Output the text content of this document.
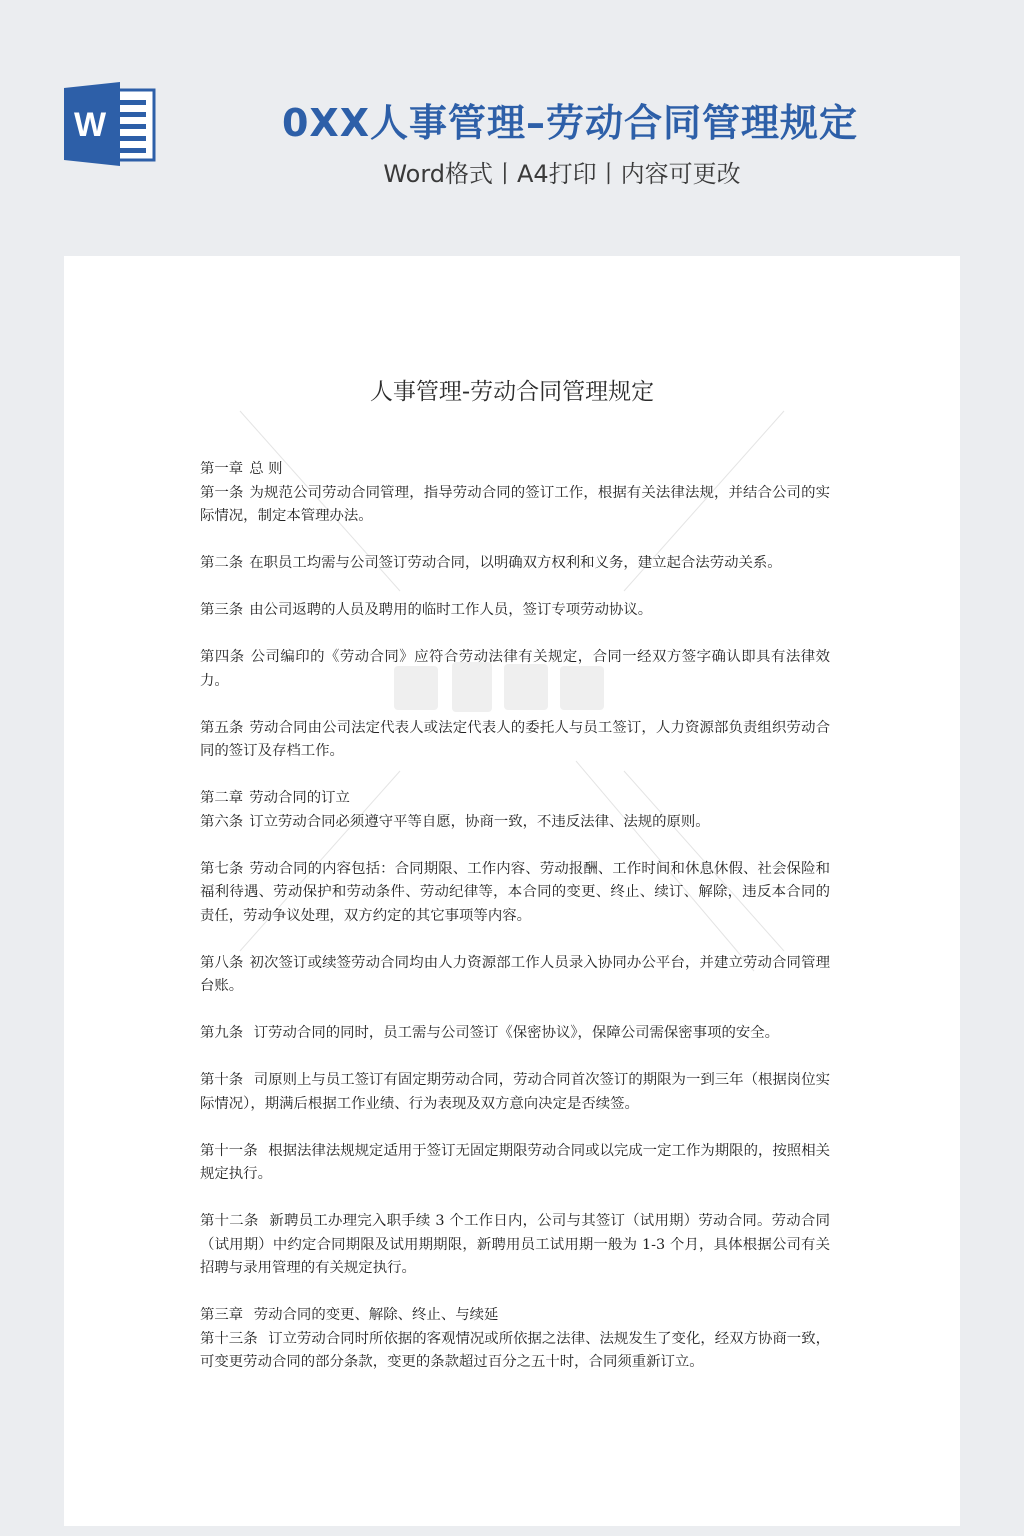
W	0XX人事管理–劳动合同管理规定
Word格式丨A4打印丨内容可更改
人事管理-劳动合同管理规定

第一章 总 则

第一条 为规范公司劳动合同管理，指导劳动合同的签订工作，根据有关法律法规，并结合公司的实际情况，制定本管理办法。

第二条 在职员工均需与公司签订劳动合同，以明确双方权利和义务，建立起合法劳动关系。

第三条 由公司返聘的人员及聘用的临时工作人员，签订专项劳动协议。

第四条 公司编印的《劳动合同》应符合劳动法律有关规定，合同一经双方签字确认即具有法律效力。

第五条 劳动合同由公司法定代表人或法定代表人的委托人与员工签订，人力资源部负责组织劳动合同的签订及存档工作。

第二章 劳动合同的订立

第六条 订立劳动合同必须遵守平等自愿，协商一致，不违反法律、法规的原则。

第七条 劳动合同的内容包括：合同期限、工作内容、劳动报酬、工作时间和休息休假、社会保险和福利待遇、劳动保护和劳动条件、劳动纪律等，本合同的变更、终止、续订、解除，违反本合同的责任，劳动争议处理，双方约定的其它事项等内容。

第八条 初次签订或续签劳动合同均由人力资源部工作人员录入协同办公平台，并建立劳动合同管理台账。

第九条 订劳动合同的同时，员工需与公司签订《保密协议》，保障公司需保密事项的安全。

第十条 司原则上与员工签订有固定期劳动合同，劳动合同首次签订的期限为一到三年（根据岗位实际情况），期满后根据工作业绩、行为表现及双方意向决定是否续签。

第十一条 根据法律法规规定适用于签订无固定期限劳动合同或以完成一定工作为期限的，按照相关规定执行。

第十二条 新聘员工办理完入职手续 3 个工作日内，公司与其签订（试用期）劳动合同。劳动合同（试用期）中约定合同期限及试用期期限，新聘用员工试用期一般为 1-3 个月，具体根据公司有关招聘与录用管理的有关规定执行。

第三章 劳动合同的变更、解除、终止、与续延

第十三条 订立劳动合同时所依据的客观情况或所依据之法律、法规发生了变化，经双方协商一致，可变更劳动合同的部分条款，变更的条款超过百分之五十时，合同须重新订立。
